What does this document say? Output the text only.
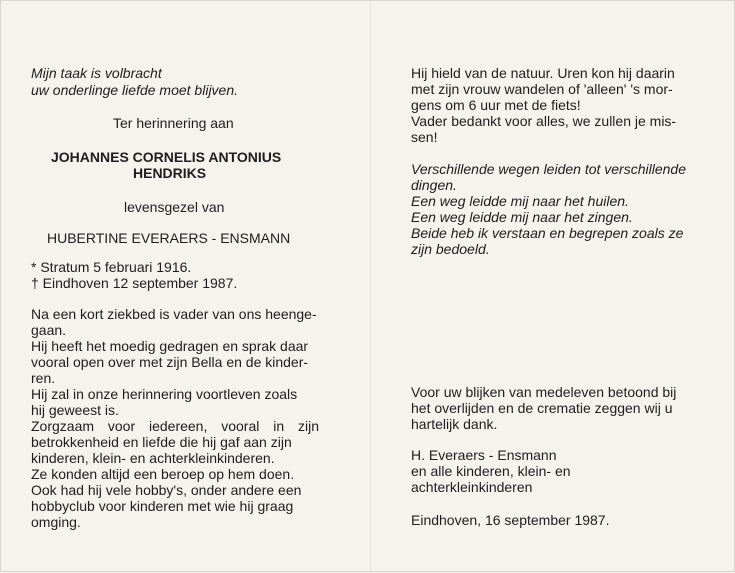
Mijn taak is volbracht
uw onderlinge liefde moet blijven.
Ter herinnering aan
JOHANNES CORNELIS ANTONIUS
HENDRIKS
levensgezel van
HUBERTINE EVERAERS - ENSMANN
* Stratum 5 februari 1916.
† Eindhoven 12 september 1987.
Na een kort ziekbed is vader van ons heenge-
gaan.
Hij heeft het moedig gedragen en sprak daar
vooral open over met zijn Bella en de kinder-
ren.
Hij zal in onze herinnering voortleven zoals
hij geweest is.
Zorgzaam voor iedereen, vooral in zijn
betrokkenheid en liefde die hij gaf aan zijn
kinderen, klein- en achterkleinkinderen.
Ze konden altijd een beroep op hem doen.
Ook had hij vele hobby's, onder andere een
hobbyclub voor kinderen met wie hij graag
omging.
Hij hield van de natuur. Uren kon hij daarin
met zijn vrouw wandelen of 'alleen' 's mor-
gens om 6 uur met de fiets!
Vader bedankt voor alles, we zullen je mis-
sen!
Verschillende wegen leiden tot verschillende
dingen.
Een weg leidde mij naar het huilen.
Een weg leidde mij naar het zingen.
Beide heb ik verstaan en begrepen zoals ze
zijn bedoeld.
Voor uw blijken van medeleven betoond bij
het overlijden en de crematie zeggen wij u
hartelijk dank.
H. Everaers - Ensmann
en alle kinderen, klein- en
achterkleinkinderen
Eindhoven, 16 september 1987.
